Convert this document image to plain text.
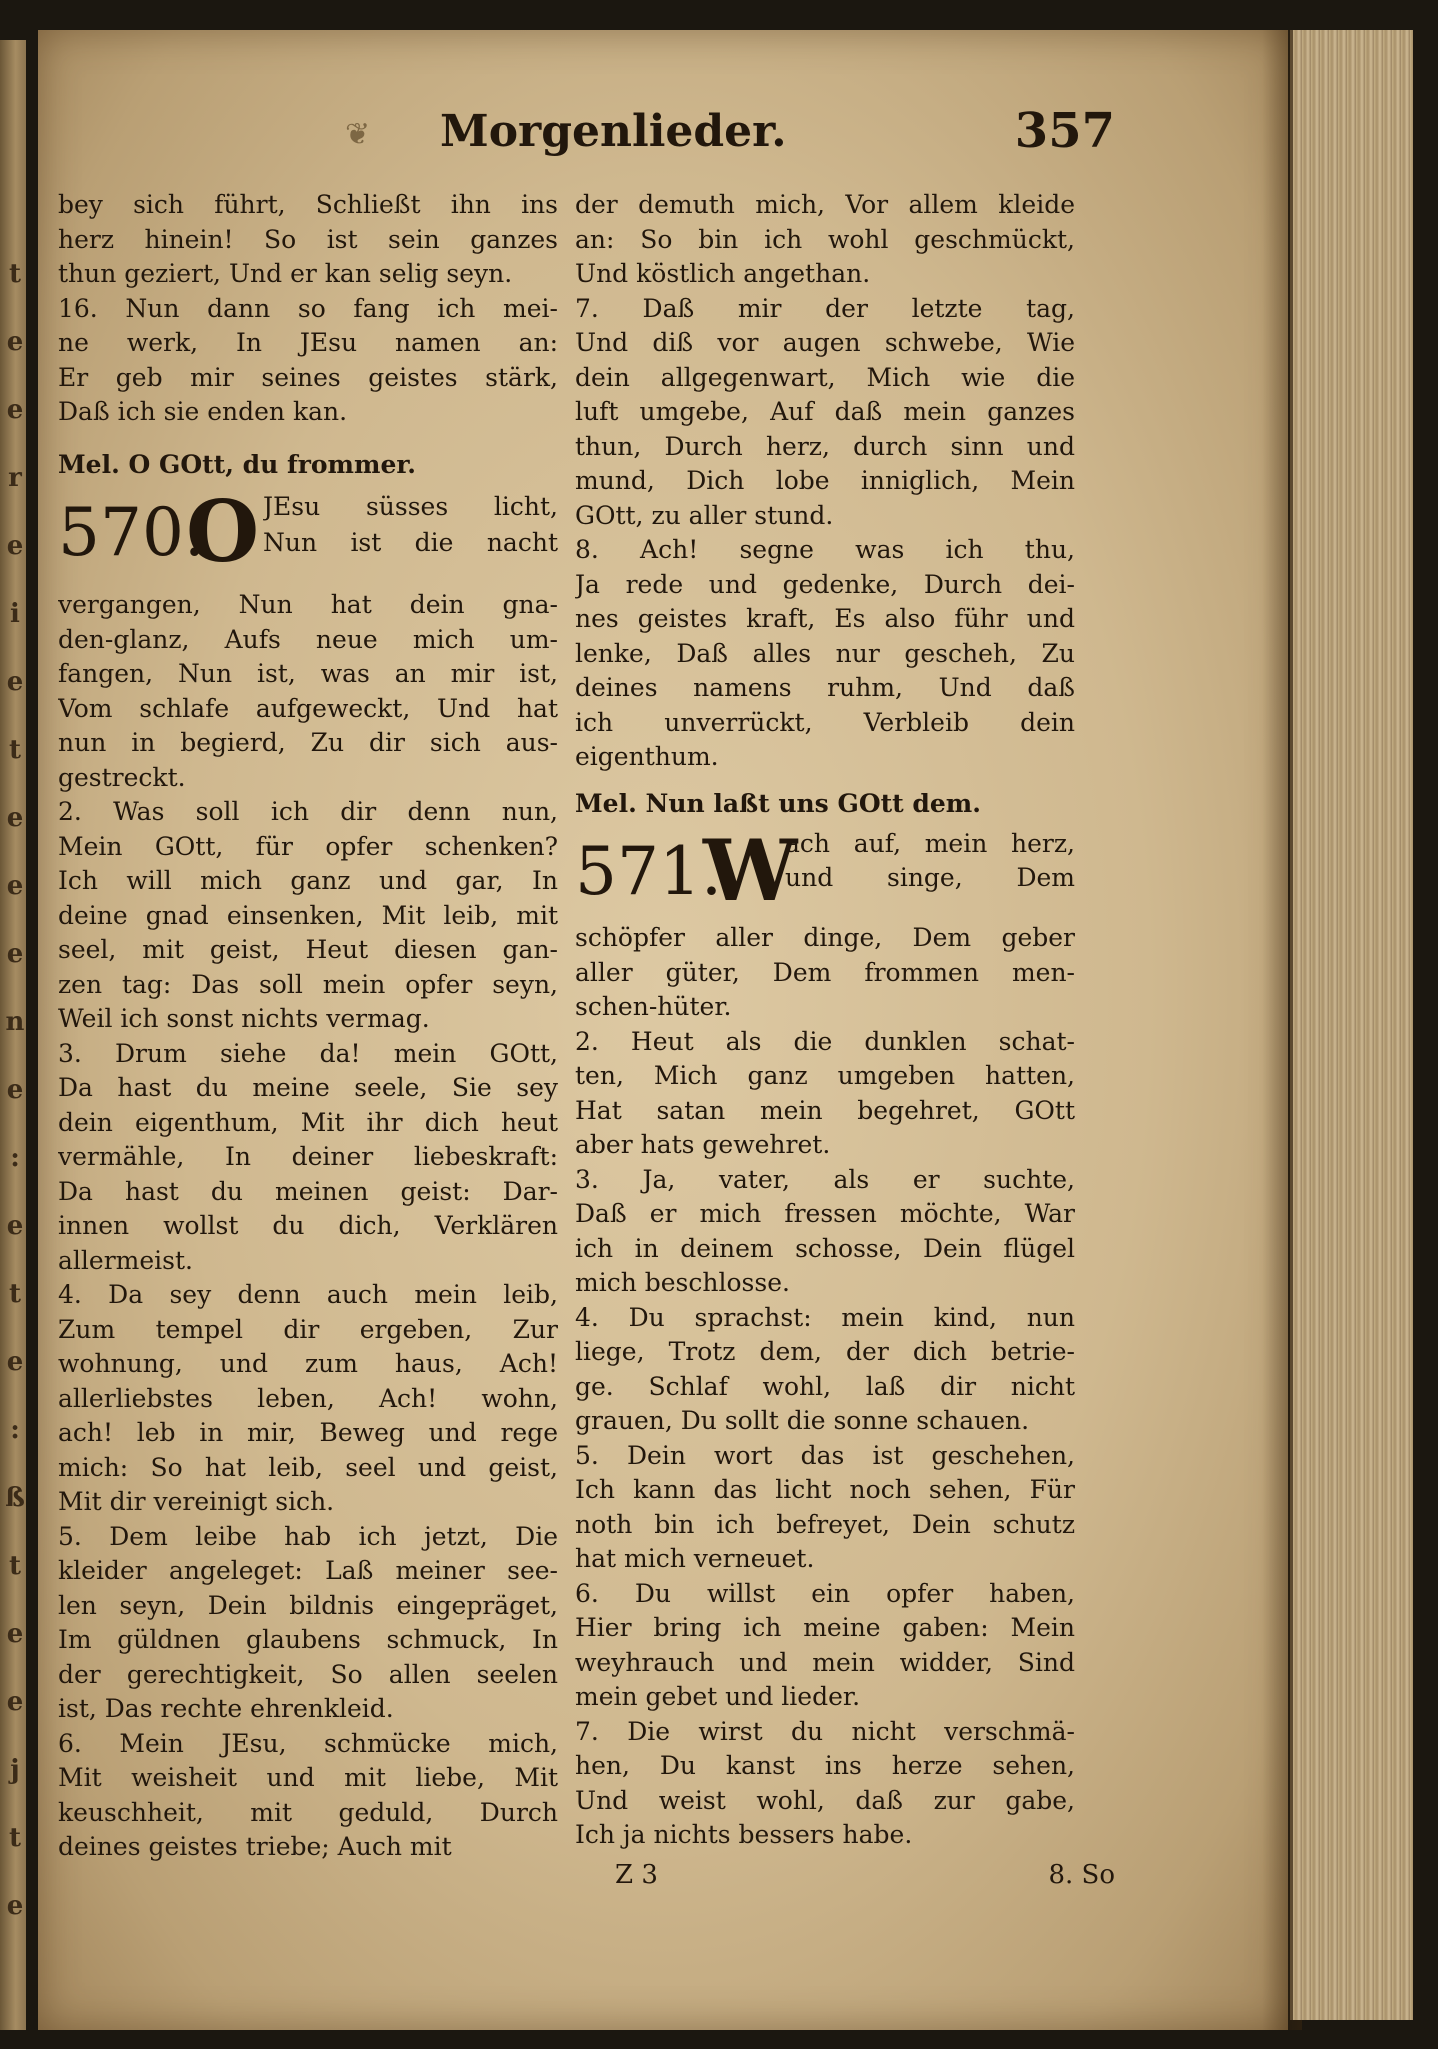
t
e
e
r
e
i
e
t
e
e
e
n
e
:
e
t
e
:
ß
t
e
e
j
t
e
❦	Morgenlieder.	357
bey sich führt, Schließt ihn ins
herz hinein! So ist sein ganzes
thun geziert, Und er kan selig seyn.
16. Nun dann so fang ich mei-
ne werk, In JEsu namen an:
Er geb mir seines geistes stärk,
Daß ich sie enden kan.
Mel. O GOtt, du frommer.
570.
O JEsu süsses licht,
Nun ist die nacht
vergangen, Nun hat dein gna-
den-glanz, Aufs neue mich um-
fangen, Nun ist, was an mir ist,
Vom schlafe aufgeweckt, Und hat
nun in begierd, Zu dir sich aus-
gestreckt.
2. Was soll ich dir denn nun,
Mein GOtt, für opfer schenken?
Ich will mich ganz und gar, In
deine gnad einsenken, Mit leib, mit
seel, mit geist, Heut diesen gan-
zen tag: Das soll mein opfer seyn,
Weil ich sonst nichts vermag.
3. Drum siehe da! mein GOtt,
Da hast du meine seele, Sie sey
dein eigenthum, Mit ihr dich heut
vermähle, In deiner liebeskraft:
Da hast du meinen geist: Dar-
innen wollst du dich, Verklären
allermeist.
4. Da sey denn auch mein leib,
Zum tempel dir ergeben, Zur
wohnung, und zum haus, Ach!
allerliebstes leben, Ach! wohn,
ach! leb in mir, Beweg und rege
mich: So hat leib, seel und geist,
Mit dir vereinigt sich.
5. Dem leibe hab ich jetzt, Die
kleider angeleget: Laß meiner see-
len seyn, Dein bildnis eingepräget,
Im güldnen glaubens schmuck, In
der gerechtigkeit, So allen seelen
ist, Das rechte ehrenkleid.
6. Mein JEsu, schmücke mich,
Mit weisheit und mit liebe, Mit
keuschheit, mit geduld, Durch
deines geistes triebe; Auch mit
der demuth mich, Vor allem kleide
an: So bin ich wohl geschmückt,
Und köstlich angethan.
7. Daß mir der letzte tag,
Und diß vor augen schwebe, Wie
dein allgegenwart, Mich wie die
luft umgebe, Auf daß mein ganzes
thun, Durch herz, durch sinn und
mund, Dich lobe inniglich, Mein
GOtt, zu aller stund.
8. Ach! segne was ich thu,
Ja rede und gedenke, Durch dei-
nes geistes kraft, Es also führ und
lenke, Daß alles nur gescheh, Zu
deines namens ruhm, Und daß
ich unverrückt, Verbleib dein
eigenthum.
Mel. Nun laßt uns GOtt dem.
571.
W
ach auf, mein herz,
und singe, Dem
schöpfer aller dinge, Dem geber
aller güter, Dem frommen men-
schen-hüter.
2. Heut als die dunklen schat-
ten, Mich ganz umgeben hatten,
Hat satan mein begehret, GOtt
aber hats gewehret.
3. Ja, vater, als er suchte,
Daß er mich fressen möchte, War
ich in deinem schosse, Dein flügel
mich beschlosse.
4. Du sprachst: mein kind, nun
liege, Trotz dem, der dich betrie-
ge. Schlaf wohl, laß dir nicht
grauen, Du sollt die sonne schauen.
5. Dein wort das ist geschehen,
Ich kann das licht noch sehen, Für
noth bin ich befreyet, Dein schutz
hat mich verneuet.
6. Du willst ein opfer haben,
Hier bring ich meine gaben: Mein
weyhrauch und mein widder, Sind
mein gebet und lieder.
7. Die wirst du nicht verschmä-
hen, Du kanst ins herze sehen,
Und weist wohl, daß zur gabe,
Ich ja nichts bessers habe.
Z 3	8. So
